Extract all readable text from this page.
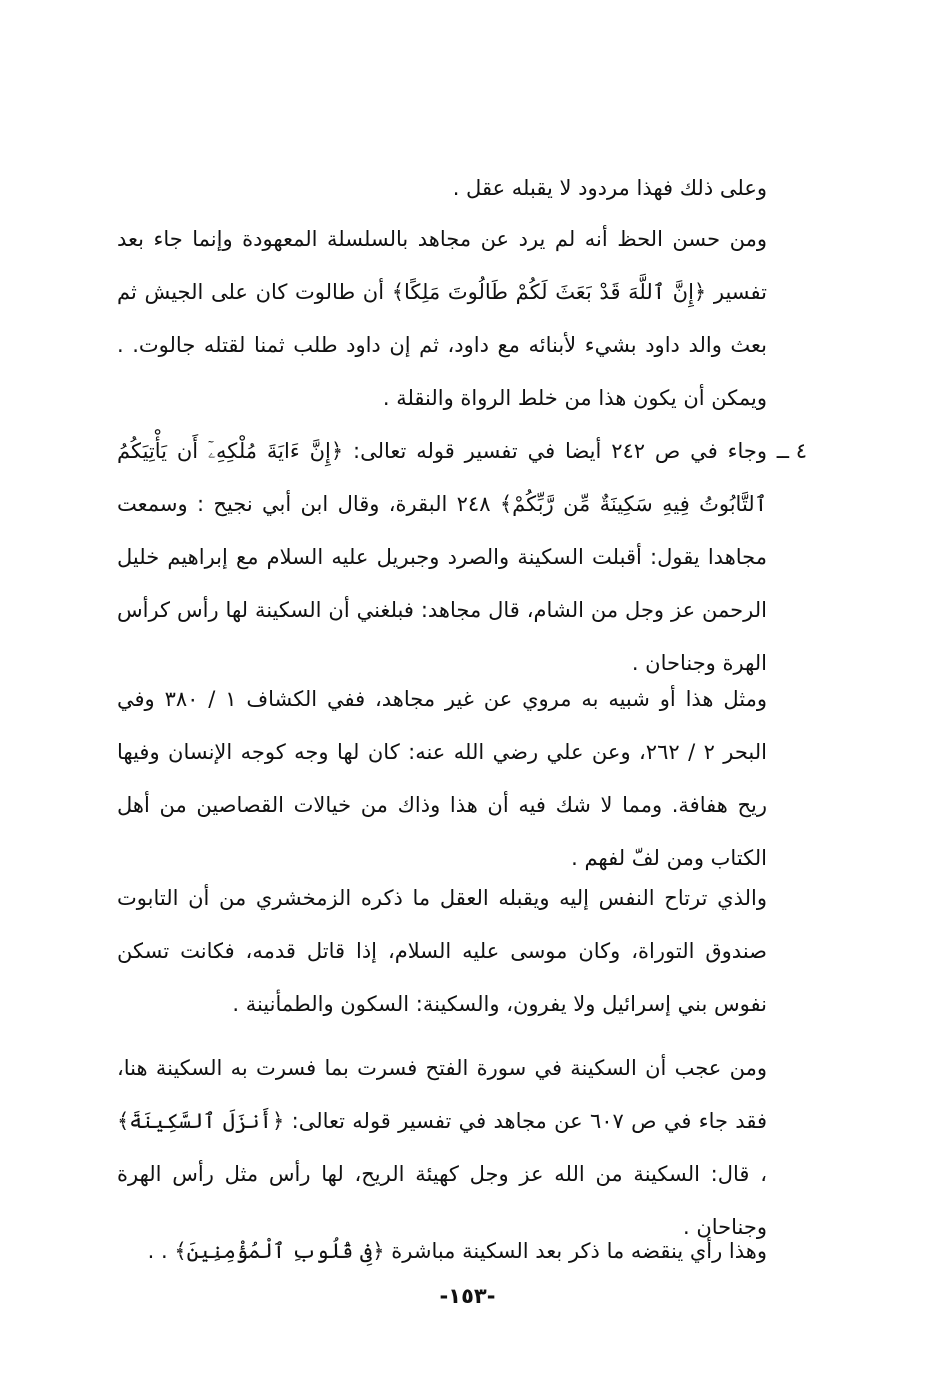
وعلى ذلك فهذا مردود لا يقبله عقل .

ومن حسن الحظ أنه لم يرد عن مجاهد بالسلسلة المعهودة وإنما جاء بعد تفسير ﴿إِنَّ ٱللَّهَ قَدْ بَعَثَ لَكُمْ طَالُوتَ مَلِكًا﴾ أن طالوت كان على الجيش ثم بعث والد داود بشيء لأبنائه مع داود، ثم إن داود طلب ثمنا لقتله جالوت. . ويمكن أن يكون هذا من خلط الرواة والنقلة .

٤ ــ

وجاء في ص ٢٤٢ أيضا في تفسير قوله تعالى: ﴿إِنَّ ءَايَةَ مُلْكِهِۦٓ أَن يَأْتِيَكُمُ ٱلتَّابُوتُ فِيهِ سَكِينَةٌ مِّن رَّبِّكُمْ﴾ ٢٤٨ البقرة، وقال ابن أبي نجيح : وسمعت مجاهدا يقول: أقبلت السكينة والصرد وجبريل عليه السلام مع إبراهيم خليل الرحمن عز وجل من الشام، قال مجاهد: فبلغني أن السكينة لها رأس كرأس الهرة وجناحان .

ومثل هذا أو شبيه به مروي عن غير مجاهد، ففي الكشاف ١ / ٣٨٠ وفي البحر ٢ / ٢٦٢، وعن علي رضي الله عنه: كان لها وجه كوجه الإنسان وفيها ريح هفافة. ومما لا شك فيه أن هذا وذاك من خيالات القصاصين من أهل الكتاب ومن لفّ لفهم .

والذي ترتاح النفس إليه ويقبله العقل ما ذكره الزمخشري من أن التابوت صندوق التوراة، وكان موسى عليه السلام، إذا قاتل قدمه، فكانت تسكن نفوس بني إسرائيل ولا يفرون، والسكينة: السكون والطمأنينة .

ومن عجب أن السكينة في سورة الفتح فسرت بما فسرت به السكينة هنا، فقد جاء في ص ٦٠٧ عن مجاهد في تفسير قوله تعالى: ﴿أَنزَلَ ٱلسَّكِينَةَ﴾ ، قال: السكينة من الله عز وجل كهيئة الريح، لها رأس مثل رأس الهرة وجناحان .

وهذا رأي ينقضه ما ذكر بعد السكينة مباشرة ﴿فِى قُلُوبِ ٱلْمُؤْمِنِينَ﴾ . .

-١٥٣-
